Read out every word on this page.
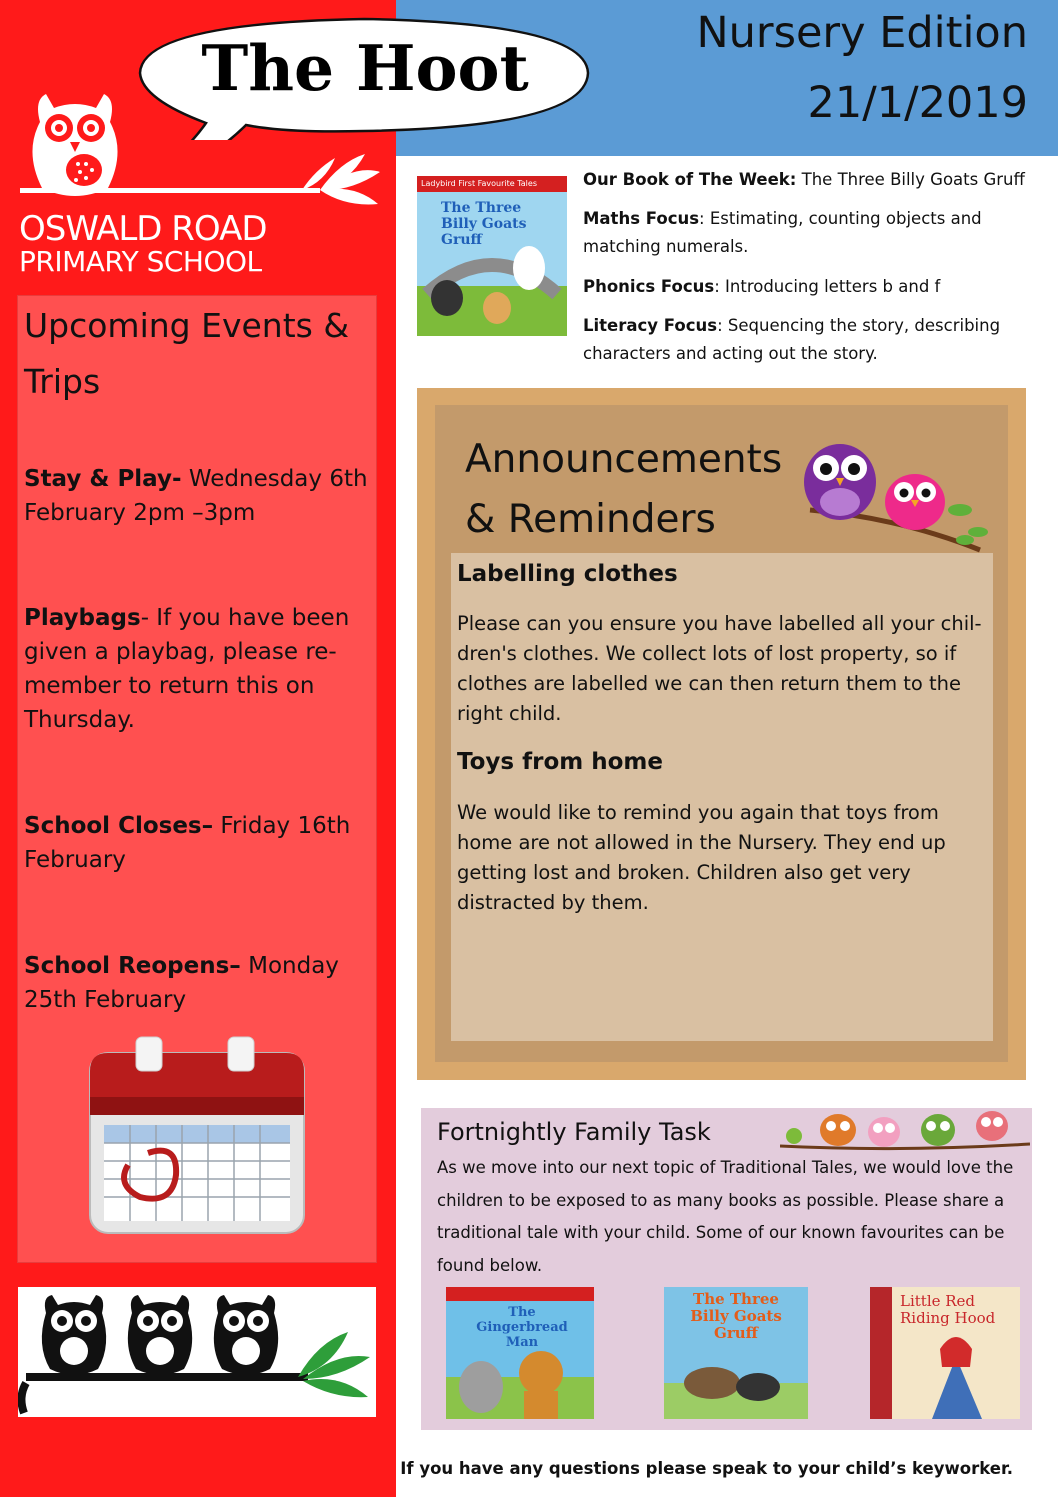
OSWALD ROAD
PRIMARY SCHOOL
Upcoming Events & Trips
Stay & Play- Wednesday 6th February 2pm –3pm
Playbags- If you have been given a playbag, please re-member to return this on Thursday.
School Closes– Friday 16th February
School Reopens– Monday 25th February
Nursery Edition
21/1/2019
The Hoot
Ladybird First Favourite Tales
The Three Billy Goats Gruff
Our Book of The Week: The Three Billy Goats Gruff
Maths Focus: Estimating, counting objects and matching numerals.
Phonics Focus: Introducing letters b and f
Literacy Focus: Sequencing the story, describing characters and acting out the story.
Announcements
& Reminders
Labelling clothes
Please can you ensure you have labelled all your chil-dren's clothes. We collect lots of lost property, so if clothes are labelled we can then return them to the right child.
Toys from home
We would like to remind you again that toys from home are not allowed in the Nursery. They end up getting lost and broken. Children also get very distracted by them.
Fortnightly Family Task
As we move into our next topic of Traditional Tales, we would love the children to be exposed to as many books as possible. Please share a traditional tale with your child. Some of our known favourites can be found below.
The
Gingerbread
Man
The Three
Billy Goats
Gruff
Little Red
Riding Hood
If you have any questions please speak to your child’s keyworker.
